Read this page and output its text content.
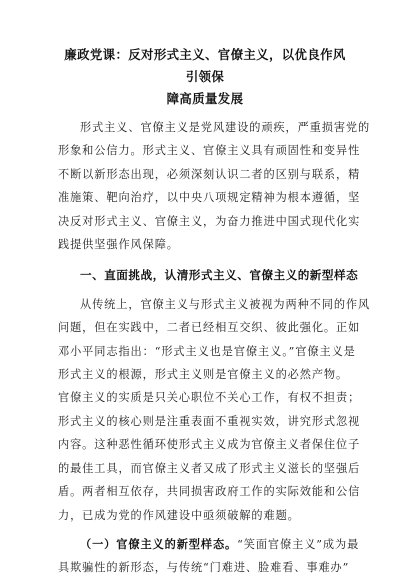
廉政党课：反对形式主义、官僚主义，以优良作风引领保
障高质量发展

形式主义、官僚主义是党风建设的顽疾，严重损害党的
形象和公信力。形式主义、官僚主义具有顽固性和变异性
不断以新形态出现，必须深刻认识二者的区别与联系，精
准施策、靶向治疗，以中央八项规定精神为根本遵循，坚
决反对形式主义、官僚主义，为奋力推进中国式现代化实
践提供坚强作风保障。

一、直面挑战，认清形式主义、官僚主义的新型样态

从传统上，官僚主义与形式主义被视为两种不同的作风
问题，但在实践中，二者已经相互交织、彼此强化。正如
邓小平同志指出：“形式主义也是官僚主义。”官僚主义是
形式主义的根源，形式主义则是官僚主义的必然产物。
官僚主义的实质是只关心职位不关心工作，有权不担责；
形式主义的核心则是注重表面不重视实效，讲究形式忽视
内容。这种恶性循环使形式主义成为官僚主义者保住位子
的最佳工具，而官僚主义者又成了形式主义滋长的坚强后
盾。两者相互依存，共同损害政府工作的实际效能和公信
力，已成为党的作风建设中亟须破解的难题。

（一）官僚主义的新型样态。“笑面官僚主义”成为最
具欺骗性的新形态，与传统“门难进、脸难看、事难办”
